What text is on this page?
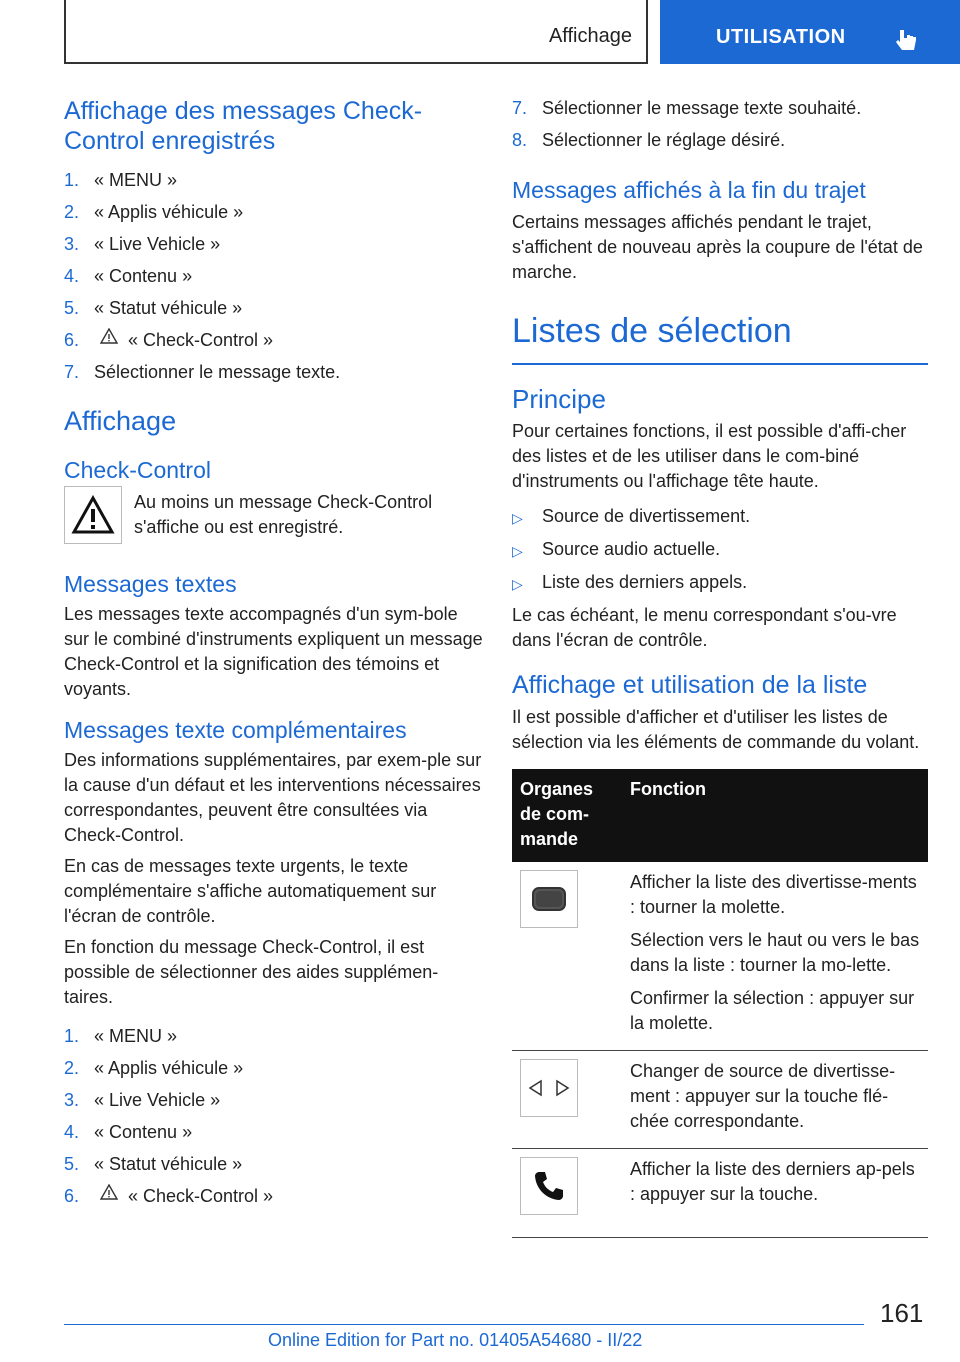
Affichage	UTILISATION
Affichage des messages Check-Control enregistrés
1. « MENU »
2. « Applis véhicule »
3. « Live Vehicle »
4. « Contenu »
5. « Statut véhicule »
6.	« Check-Control »
7. Sélectionner le message texte.
Affichage
Check-Control

Au moins un message Check-Control s'affiche ou est enregistré.

Messages textes

Les messages texte accompagnés d'un sym-bole sur le combiné d'instruments expliquent un message Check-Control et la signification des témoins et voyants.

Messages texte complémentaires

Des informations supplémentaires, par exem-ple sur la cause d'un défaut et les interventions nécessaires correspondantes, peuvent être consultées via Check-Control.

En cas de messages texte urgents, le texte complémentaire s'affiche automatiquement sur l'écran de contrôle.

En fonction du message Check-Control, il est possible de sélectionner des aides supplémen-taires.

1. « MENU »
2. « Applis véhicule »
3. « Live Vehicle »
4. « Contenu »
5. « Statut véhicule »
6.	« Check-Control »
7. Sélectionner le message texte souhaité.
8. Sélectionner le réglage désiré.
Messages affichés à la fin du trajet

Certains messages affichés pendant le trajet, s'affichent de nouveau après la coupure de l'état de marche.

Listes de sélection
Principe

Pour certaines fonctions, il est possible d'affi-cher des listes et de les utiliser dans le com-biné d'instruments ou l'affichage tête haute.

▷	Source de divertissement.
▷	Source audio actuelle.
▷	Liste des derniers appels.

Le cas échéant, le menu correspondant s'ou-vre dans l'écran de contrôle.

Affichage et utilisation de la liste

Il est possible d'afficher et d'utiliser les listes de sélection via les éléments de commande du volant.

Organes de com-mande	Fonction

Afficher la liste des divertisse-ments : tourner la molette.

Sélection vers le haut ou vers le bas dans la liste : tourner la mo-lette.

Confirmer la sélection : appuyer sur la molette.

Changer de source de divertisse-ment : appuyer sur la touche flé-chée correspondante.

Afficher la liste des derniers ap-pels : appuyer sur la touche.

161
Online Edition for Part no. 01405A54680 - II/22
